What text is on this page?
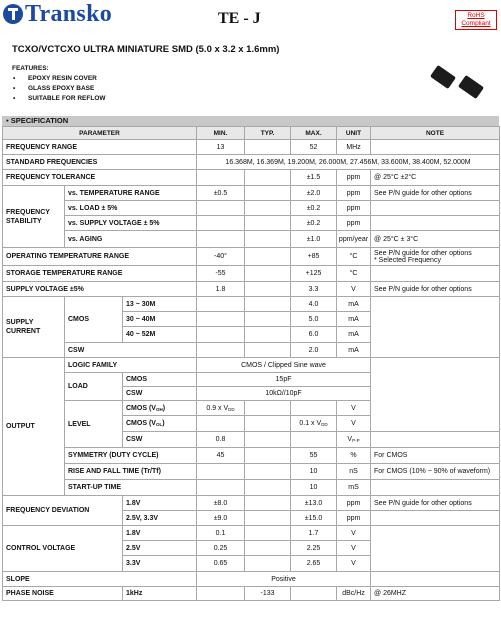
Transko	TE - J	RoHS
Compliant
TCXO/VCTCXO ULTRA MINIATURE SMD (5.0 x 3.2 x 1.6mm)
FEATURES:
• EPOXY RESIN COVER
• GLASS EPOXY BASE
• SUITABLE FOR REFLOW
▪ SPECIFICATION
PARAMETER			MIN.	TYP.	MAX.	UNIT	NOTE
FREQUENCY RANGE			13		52	MHz	
STANDARD FREQUENCIES			16.368M, 16.369M, 19.200M, 26.000M, 27.456M, 33.600M, 38.400M, 52.000M				
FREQUENCY TOLERANCE					±1.5	ppm	@ 25°C ±2°C

FREQUENCY
STABILITY	vs. TEMPERATURE RANGE		±0.5		±2.0	ppm	See P/N guide for other options
	vs. LOAD ± 5%				±0.2	ppm	
	vs. SUPPLY VOLTAGE ± 5%				±0.2	ppm	
	vs. AGING				±1.0	ppm/year	@ 25°C ± 3°C
OPERATING TEMPERATURE RANGE			-40°		+85	°C	See P/N guide for other options
* Selected Frequency

STORAGE TEMPERATURE RANGE			-55		+125	°C	
SUPPLY VOLTAGE ±5%			1.8		3.3	V	See P/N guide for other options

SUPPLY
CURRENT	CMOS	13 ~ 30M			4.0	mA	
		30 ~ 40M			5.0	mA	
		40 ~ 52M			6.0	mA	
	CSW				2.0	mA	
OUTPUT	LOGIC FAMILY		CMOS / Clipped Sine wave				
	LOAD	CMOS	15pF				
		CSW	10kΩ//10pF				
	LEVEL	CMOS $(V_{OH})$	0.9 x $V_{DD}$			V	
		CMOS $(V_{OL})$			0.1 x $V_{DD}$	V	
		CSW	0.8			$V_{P-P}$	
	SYMMETRY (DUTY CYCLE)		45		55	%	For CMOS
	RISE AND FALL TIME (Tr/Tf)				10	nS	For CMOS (10% ~ 90% of waveform)
	START-UP TIME				10	mS	
FREQUENCY DEVIATION		1.8V	±8.0		±13.0	ppm	See P/N guide for other options
		2.5V, 3.3V	±9.0		±15.0	ppm	
CONTROL VOLTAGE		1.8V	0.1		1.7	V	
		2.5V	0.25		2.25	V	
		3.3V	0.65		2.65	V	
SLOPE			Positive				
PHASE NOISE		1kHz		-133		dBc/Hz	@ 26MHZ
